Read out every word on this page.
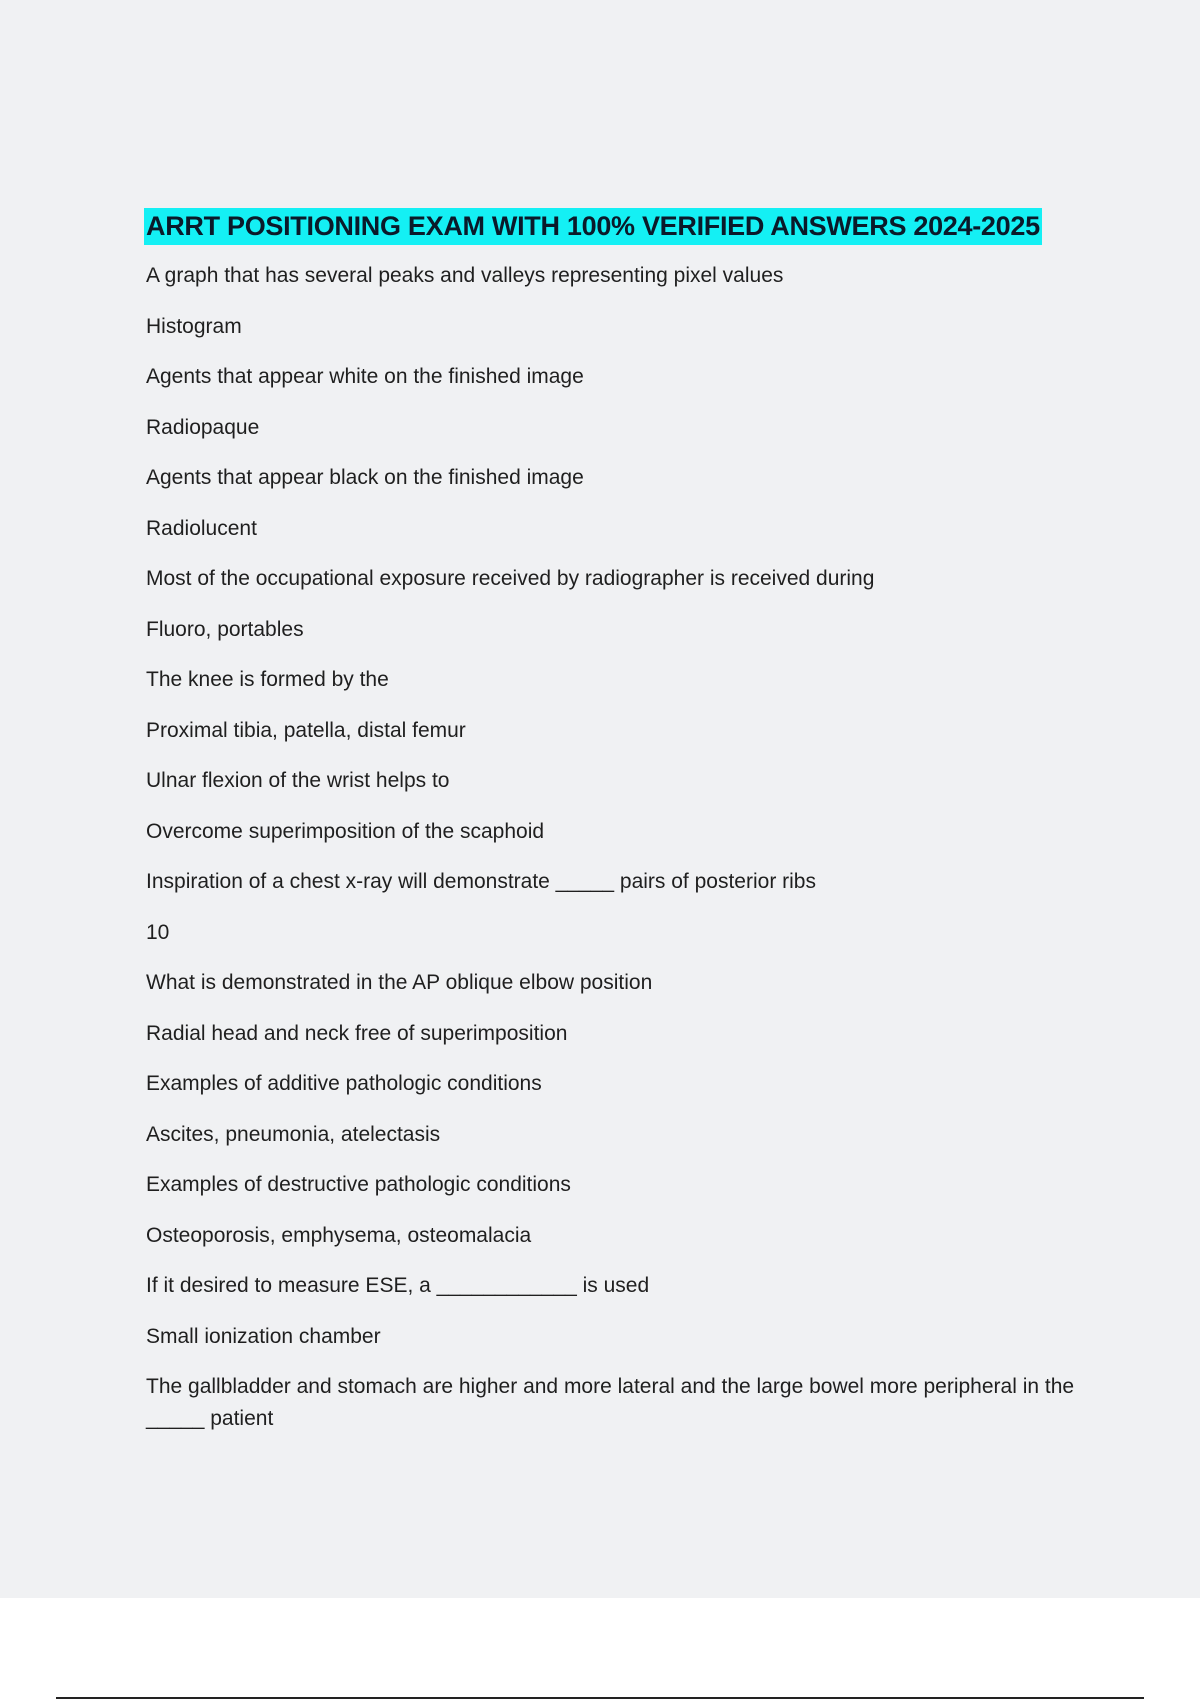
ARRT POSITIONING EXAM WITH 100% VERIFIED ANSWERS 2024-2025
A graph that has several peaks and valleys representing pixel values
Histogram
Agents that appear white on the finished image
Radiopaque
Agents that appear black on the finished image
Radiolucent
Most of the occupational exposure received by radiographer is received during
Fluoro, portables
The knee is formed by the
Proximal tibia, patella, distal femur
Ulnar flexion of the wrist helps to
Overcome superimposition of the scaphoid
Inspiration of a chest x-ray will demonstrate _____ pairs of posterior ribs
10
What is demonstrated in the AP oblique elbow position
Radial head and neck free of superimposition
Examples of additive pathologic conditions
Ascites, pneumonia, atelectasis
Examples of destructive pathologic conditions
Osteoporosis, emphysema, osteomalacia
If it desired to measure ESE, a ____________ is used
Small ionization chamber
The gallbladder and stomach are higher and more lateral and the large bowel more peripheral in the _____ patient
